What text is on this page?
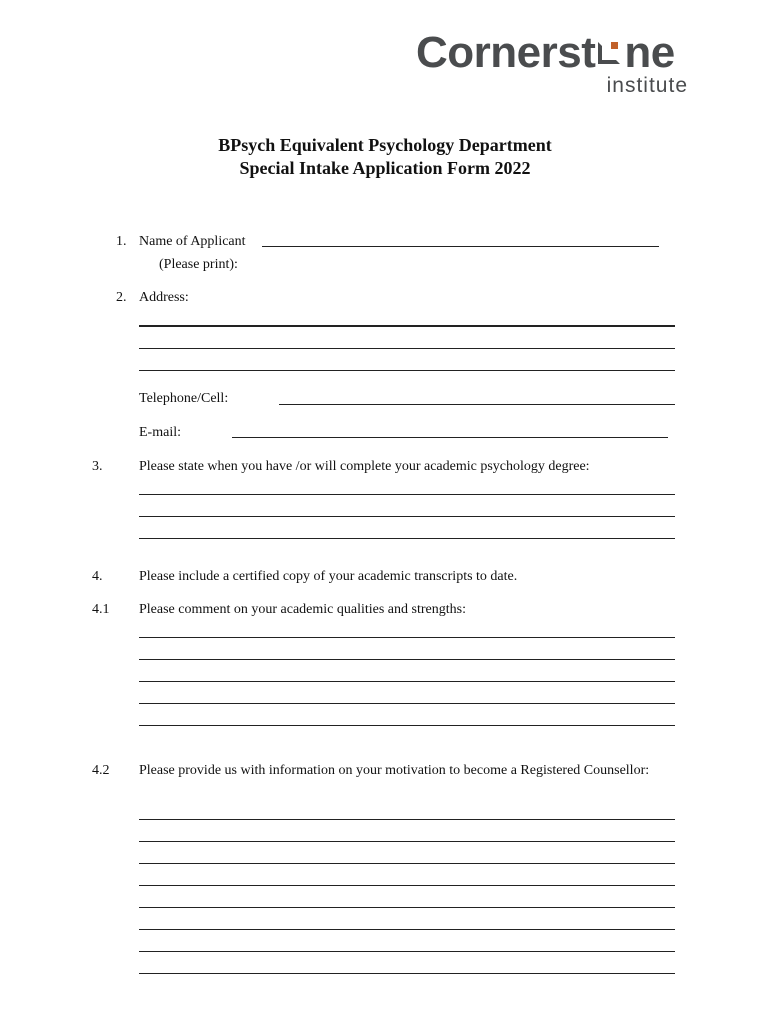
Cornerst ne
institute
BPsych Equivalent Psychology Department
Special Intake Application Form 2022
1. Name of Applicant
(Please print):
2. Address:
Telephone/Cell:
E-mail:
3.	Please state when you have /or will complete your academic psychology degree:
4.	Please include a certified copy of your academic transcripts to date.
4.1 Please comment on your academic qualities and strengths:
4.2 Please provide us with information on your motivation to become a Registered Counsellor:
